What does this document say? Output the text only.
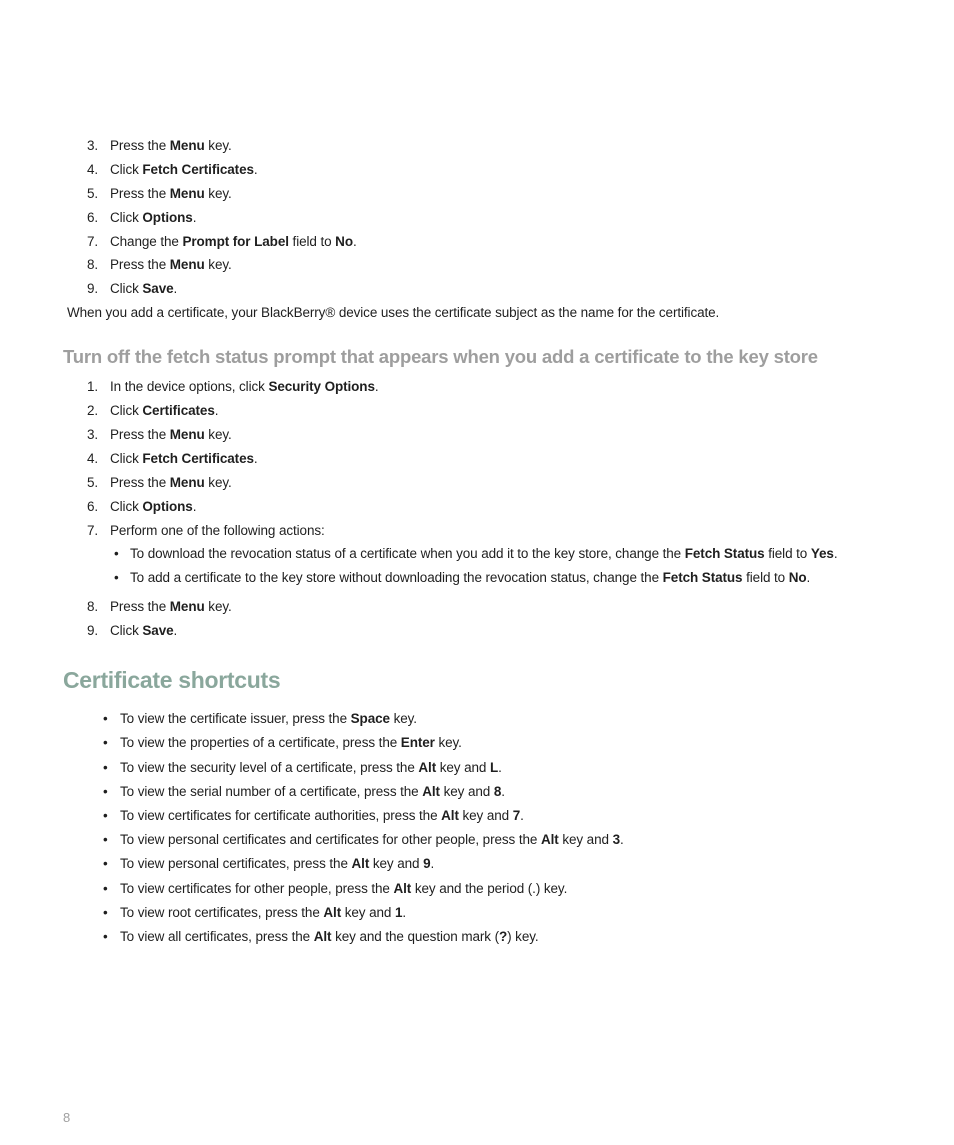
3. Press the Menu key.
4. Click Fetch Certificates.
5. Press the Menu key.
6. Click Options.
7. Change the Prompt for Label field to No.
8. Press the Menu key.
9. Click Save.
When you add a certificate, your BlackBerry® device uses the certificate subject as the name for the certificate.
Turn off the fetch status prompt that appears when you add a certificate to the key store
1. In the device options, click Security Options.
2. Click Certificates.
3. Press the Menu key.
4. Click Fetch Certificates.
5. Press the Menu key.
6. Click Options.
7. Perform one of the following actions:
• To download the revocation status of a certificate when you add it to the key store, change the Fetch Status field to Yes.
• To add a certificate to the key store without downloading the revocation status, change the Fetch Status field to No.
8. Press the Menu key.
9. Click Save.
Certificate shortcuts
• To view the certificate issuer, press the Space key.
• To view the properties of a certificate, press the Enter key.
• To view the security level of a certificate, press the Alt key and L.
• To view the serial number of a certificate, press the Alt key and 8.
• To view certificates for certificate authorities, press the Alt key and 7.
• To view personal certificates and certificates for other people, press the Alt key and 3.
• To view personal certificates, press the Alt key and 9.
• To view certificates for other people, press the Alt key and the period (.) key.
• To view root certificates, press the Alt key and 1.
• To view all certificates, press the Alt key and the question mark (?) key.
8
